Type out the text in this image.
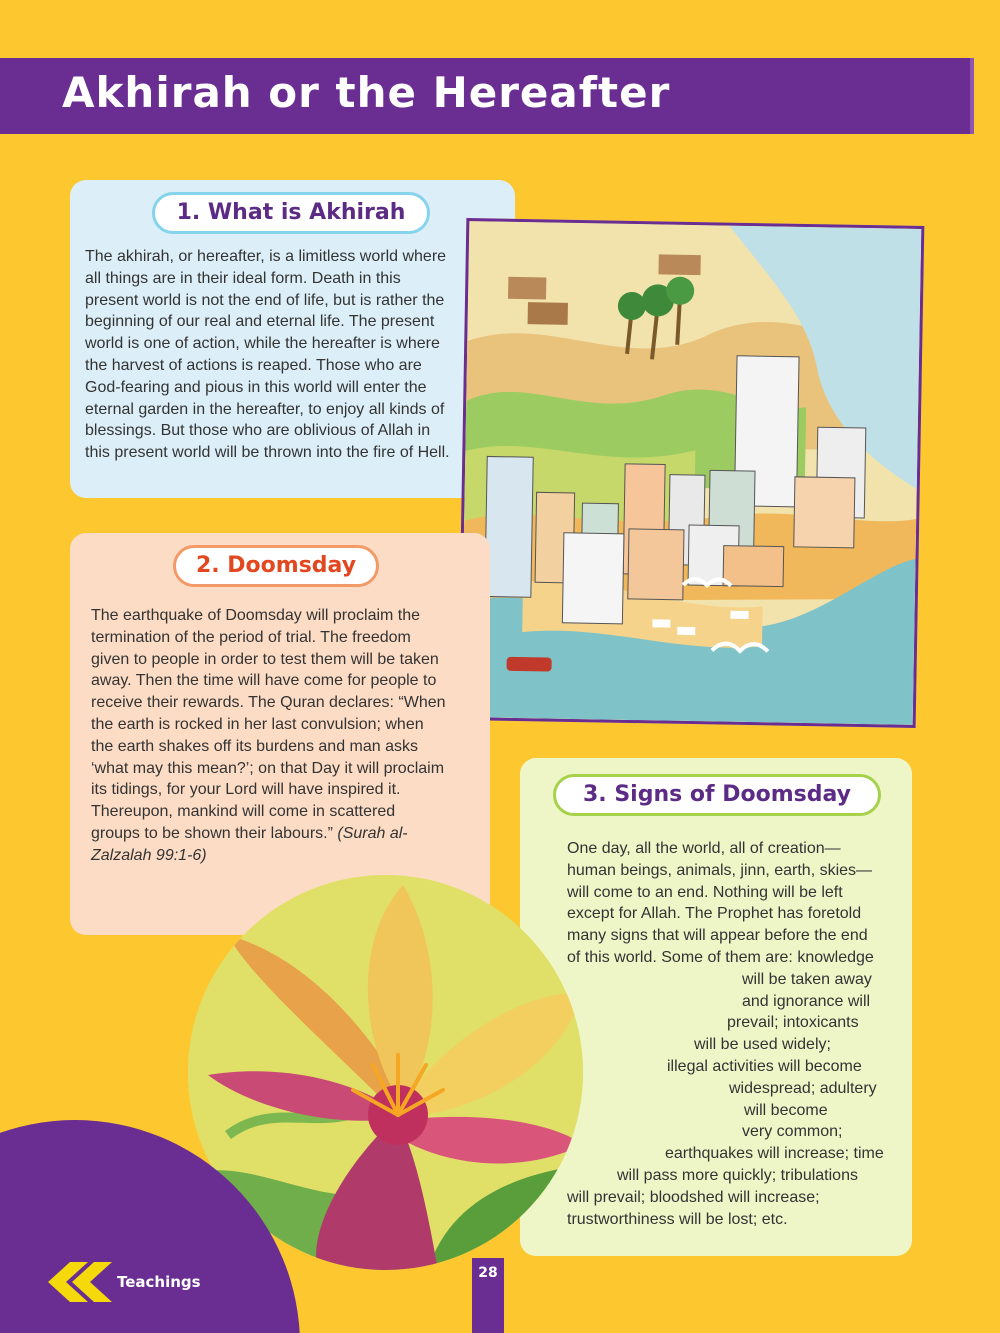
Akhirah or the Hereafter
1. What is Akhirah

The akhirah, or hereafter, is a limitless world where all things are in their ideal form. Death in this present world is not the end of life, but is rather the beginning of our real and eternal life. The present world is one of action, while the hereafter is where the harvest of actions is reaped. Those who are God-fearing and pious in this world will enter the eternal garden in the hereafter, to enjoy all kinds of blessings. But those who are oblivious of Allah in this present world will be thrown into the fire of Hell.

2. Doomsday

The earthquake of Doomsday will proclaim the termination of the period of trial. The freedom given to people in order to test them will be taken away. Then the time will have come for people to receive their rewards. The Quran declares: “When the earth is rocked in her last convulsion; when the earth shakes off its burdens and man asks ‘what may this mean?’; on that Day it will proclaim its tidings, for your Lord will have inspired it. Thereupon, mankind will come in scattered groups to be shown their labours.” (Surah al-Zalzalah 99:1-6)

3. Signs of Doomsday
One day, all the world, all of creation—
human beings, animals, jinn, earth, skies—
will come to an end. Nothing will be left
except for Allah. The Prophet has foretold
many signs that will appear before the end
of this world. Some of them are: knowledge
will be taken away
and ignorance will
prevail; intoxicants
will be used widely;
illegal activities will become
widespread; adultery
will become
very common;
earthquakes will increase; time
will pass more quickly; tribulations
will prevail; bloodshed will increase;
trustworthiness will be lost; etc.
Teachings	28
